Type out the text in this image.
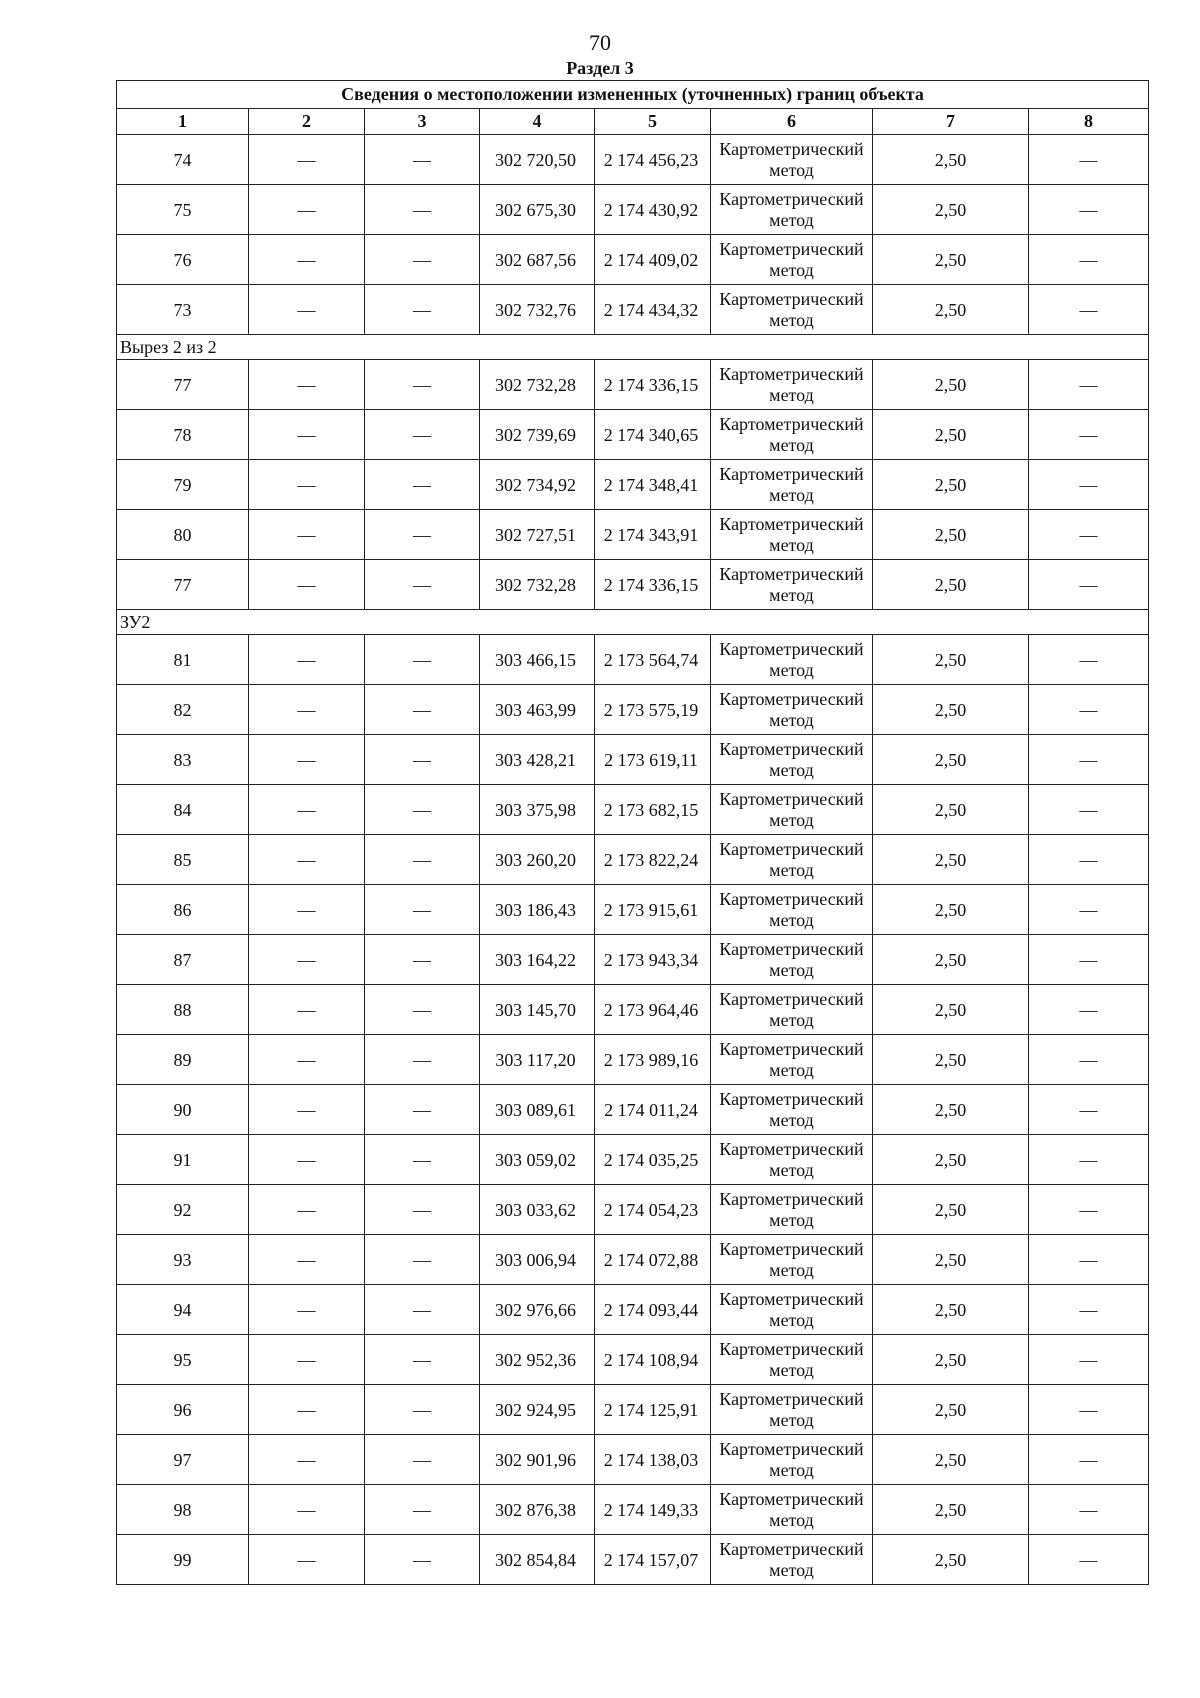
70
Раздел 3
Сведения о местоположении измененных (уточненных) границ объекта							
1	2	3	4	5	6	7	8
74	—	—	302 720,50	2 174 456,23	Картометрический метод	2,50	—
75	—	—	302 675,30	2 174 430,92	Картометрический метод	2,50	—
76	—	—	302 687,56	2 174 409,02	Картометрический метод	2,50	—
73	—	—	302 732,76	2 174 434,32	Картометрический метод	2,50	—
Вырез 2 из 2							
77	—	—	302 732,28	2 174 336,15	Картометрический метод	2,50	—
78	—	—	302 739,69	2 174 340,65	Картометрический метод	2,50	—
79	—	—	302 734,92	2 174 348,41	Картометрический метод	2,50	—
80	—	—	302 727,51	2 174 343,91	Картометрический метод	2,50	—
77	—	—	302 732,28	2 174 336,15	Картометрический метод	2,50	—
ЗУ2							
81	—	—	303 466,15	2 173 564,74	Картометрический метод	2,50	—
82	—	—	303 463,99	2 173 575,19	Картометрический метод	2,50	—
83	—	—	303 428,21	2 173 619,11	Картометрический метод	2,50	—
84	—	—	303 375,98	2 173 682,15	Картометрический метод	2,50	—
85	—	—	303 260,20	2 173 822,24	Картометрический метод	2,50	—
86	—	—	303 186,43	2 173 915,61	Картометрический метод	2,50	—
87	—	—	303 164,22	2 173 943,34	Картометрический метод	2,50	—
88	—	—	303 145,70	2 173 964,46	Картометрический метод	2,50	—
89	—	—	303 117,20	2 173 989,16	Картометрический метод	2,50	—
90	—	—	303 089,61	2 174 011,24	Картометрический метод	2,50	—
91	—	—	303 059,02	2 174 035,25	Картометрический метод	2,50	—
92	—	—	303 033,62	2 174 054,23	Картометрический метод	2,50	—
93	—	—	303 006,94	2 174 072,88	Картометрический метод	2,50	—
94	—	—	302 976,66	2 174 093,44	Картометрический метод	2,50	—
95	—	—	302 952,36	2 174 108,94	Картометрический метод	2,50	—
96	—	—	302 924,95	2 174 125,91	Картометрический метод	2,50	—
97	—	—	302 901,96	2 174 138,03	Картометрический метод	2,50	—
98	—	—	302 876,38	2 174 149,33	Картометрический метод	2,50	—
99	—	—	302 854,84	2 174 157,07	Картометрический метод	2,50	—
